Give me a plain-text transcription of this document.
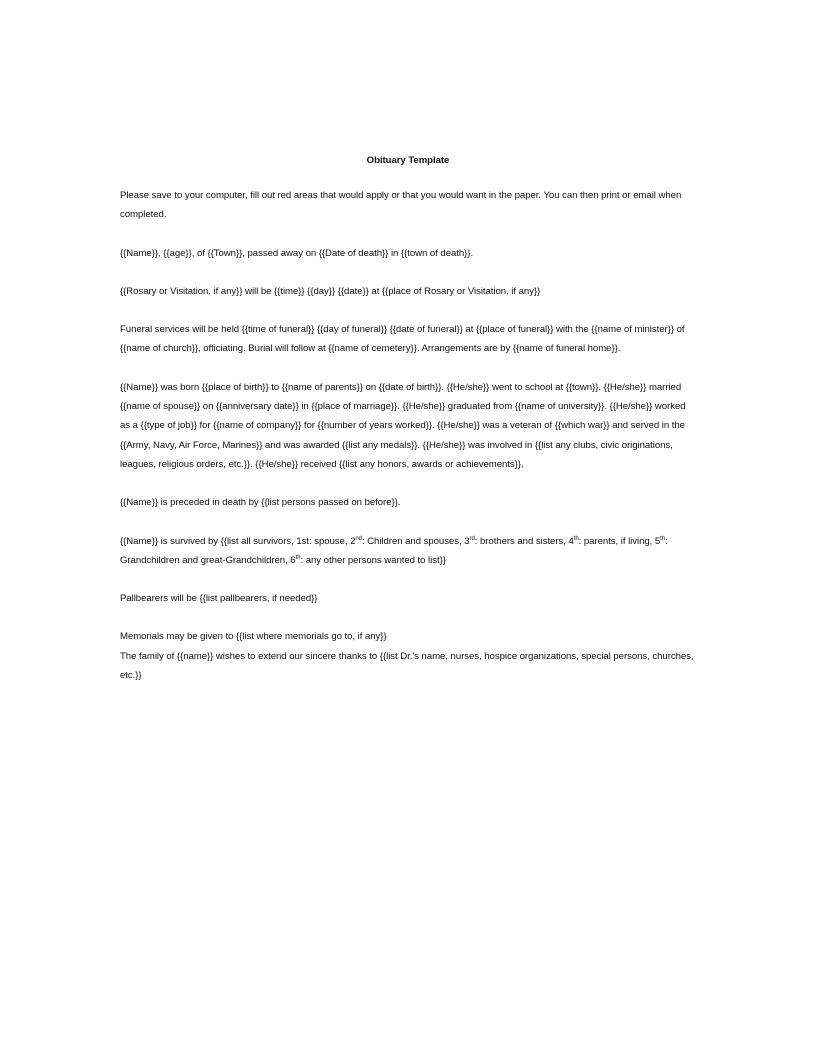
Obituary Template

Please save to your computer, fill out red areas that would apply or that you would want in the paper. You can then print or email when completed.

{{Name}}, {{age}}, of {{Town}}, passed away on {{Date of death}} in {{town of death}}.

{{Rosary or Visitation, if any}} will be {{time}} {{day}} {{date}} at {{place of Rosary or Visitation, if any}}

Funeral services will be held {{time of funeral}} {{day of funeral}} {{date of funeral}} at {{place of funeral}} with the {{name of minister}} of {{name of church}}, officiating. Burial will follow at {{name of cemetery}}. Arrangements are by {{name of funeral home}}.

{{Name}} was born {{place of birth}} to {{name of parents}} on {{date of birth}}. {{He/she}} went to school at {{town}}. {{He/she}} married {{name of spouse}} on {{anniversary date}} in {{place of marriage}}. {{He/she}} graduated from {{name of university}}. {{He/she}} worked as a {{type of job}} for {{name of company}} for {{number of years worked}}. {{He/she}} was a veteran of {{which war}} and served in the {{Army, Navy, Air Force, Marines}} and was awarded {{list any medals}}. {{He/she}} was involved in {{list any clubs, civic originations, leagues, religious orders, etc.}}. {{He/she}} received {{list any honors, awards or achievements}}.

{{Name}} is preceded in death by {{list persons passed on before}}.

{{Name}} is survived by {{list all survivors, 1st: spouse, 2nd: Children and spouses, 3rd: brothers and sisters, 4th: parents, if living, 5th: Grandchildren and great-Grandchildren, 6th: any other persons wanted to list}}

Pallbearers will be {{list pallbearers, if needed}}

Memorials may be given to {{list where memorials go to, if any}}

The family of {{name}} wishes to extend our sincere thanks to {{list Dr.'s name, nurses, hospice organizations, special persons, churches, etc.}}
